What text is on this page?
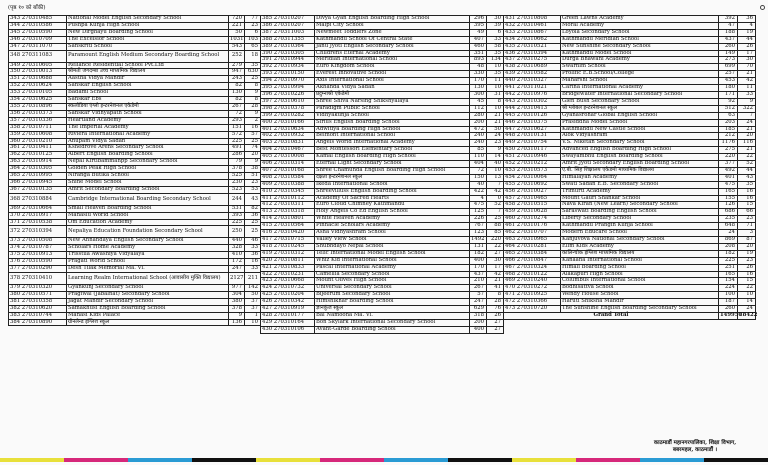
(पृष्ठ १० को बाँकी)
343 270310485	National Model English Secondary School	720	77
344 270310586	Pushpa Kunja High School	221	23
345 270310590	New Dirghayu Boarding School	50	6
346 270310709	The Excelsior School	1031	103
347 270311070	Sanskriti School	543	65
348 270311083	Paramount English Medium Secondary Boarding School	252	18
349 270310605	Reliance Residential School Pvt.Ltd	279	35
350 270310013	श्रीमती जगदम्बा उच्च माध्यमिक विद्यालय	947	630
351 270310688	Aastha Vidya Mandir	243	25
352 270310624	Sanskar English School	82	8
353 270310105	Badami School	130	9
354 270310625	Sanskar Ebs	82	8
355 270310896	स्कलोडिया एंग्लो इन्टरनेशनल एकेडेमी	267	28
356 270310373	Sanskar Vidhyapath School	72	9
357 270310336	Heartland Academy	293	2
358 270310711	The Imperial Academy	151	16
359 270310608	Riviera International Academy	572	57
360 270310210	Anupam Vidya Sadan	225	25
361 270310411	Kshedrove Arens Secondary School	491	74
362 270310125	Albert English Boarding School	286	20
363 270310914	Nepal Kirtibammanpp Secondary School	79	9
364 270310305	Golden Peak High School	378	38
365 270310995	Niranga Butika School	525	51
366 270310945	Shine Model School	230	23
367 270310135	Amrit Secondary Boarding School	523	53
368 270310884	Cambridge International Boarding Secondary School	244	43
369 270310664	Small Heaven Boarding School	531	82
370 270310917	Manaslu World School	393	36
371 270310538	Om Education Academy	225	25
372 270310394	Nepaliya Education Foundation Secondary School	250	25
373 270310508	New Annandaya English Secondary School	440	46
374 270310787	Scholars Home Academy	328	33
375 270310913	Trisstua Awashiya Vidyalaya	410	36
376 270310590	Pragati World School	172	16
377 270310290	Desh Tilak Memorial Ma. Vi.	247	33
378 270310410	Learning Realm International School (आवासीय मुक्ति विद्यालय)	2127	211
379 270310320	Gyankunj Secondary School	977	142
380 270310571	Pragiwal (Jabalnat) Secondary School	304	50
381 270310358	Jagat Mandir Secondary School	380	37
382 270310620	Samakhusi English Boarding School	378	37
383 270310744	Manasi Kids Palace	9	1
384 270310890	ग्रीनलेन्ड इंग्लिश स्कूल	136	10
385 270310207	Divya Gyan English Boarding High School	296	30
386 270310207	Malpi City School	395	39
387 270311003	Newmeet Toddlers Zone	49	6
388 270311355	Kathmandu School Of Central State	407	33
389 270310364	Janu Jyoti English Secondary School	460	58
390 270310305	Childrens Eternal Academy	351	35
391 270310944	Meridian International School	893	134
392 270310934	Euro Kingdom School	48	10
393 270310150	Everest Innovative School	330	35
394 270310970	Axis International School	170	11
395 270310994	Akhanda Vidya Sadan	130	10
396 270310226	प्रदुम्नाश्री एकेडेमी	300	31
397 270310610	Shree Shiva Narsing Shikshyalaya	45	8
398 270310378	Paradigm Public School	112	10
399 270310282	Vidhyakunja School	280	21
400 270310166	Sirius English Boarding School	200	21
401 270310634	Adwitiya Boarding High School	472	50
402 270310932	Belmont International School	240	24
403 270310831	Angels World International Academy	240	23
404 270310467	Best Montessori Elementary School	85	9
405 270310008	Kamal English Boarding High School	110	14
406 270310314	Eternal Light Secondary School	404	40
407 270310168	Shree Chamunda English Boarding High School	72	10
408 270310584	दक्षता इन्टरनेशनल स्कूल	150	13
409 270310388	Ikeda International School	40	7
410 270310345	Shreevilluss English Boarding School	422	42
411 270310112	Academy Of Sacred Hearts	4	0
412 270310311	Euro Cloud Chimney Kathmandu	475	52
413 270310318	Holy Angels Co Ed English School	125	7
414 270310801	White Heaven Academy	226	25
415 270310564	Pinnacle Scholars Academy	767	88
416 270310420	Asha Vidhyashram School	123	85
417 270310715	Valley View School	1492	220
418 270310245	Shubhdayo Nepal School	131	22
419 270310312	Telic International Model English School	182	27
420 270310811	Whiz Kid International School	400	30
421 270310833	Pascal International Academy	170	17
422 270310231	Camellia Secondary School	437	42
423 270310668	Mount Olives High School	210	21
424 270310732	Universal Secondary School	267	41
425 270310204	Bijeerum Secondary School	57	8
426 270310342	Himshikhar Boarding School	247	28
427 270310919	ज्ञानकुंज स्कूल	629	76
428 270310177	Bal Namoona Ma. Vi.	318	26
429 270310164	Bon Skylark International Secondary School	200	27
430 270310106	Avant-Garde Boarding School	400	27
431 270310808	Green Lawns Academy	392	36
432 270310461	Moral Academy	47	4
433 270310867	Loyola Secondary School	188	19
434 270310662	Kathmandu Meridian School	437	44
435 270310521	New Sunshine Secondary School	260	26
436 270310394	Kathmandu Model School	149	17
437 270310275	Durga Bhawani Academy	273	30
438 270310689	Swarnim School	699	70
439 270310582	Prolific E.B.School/College	257	21
440 270310327	Maharshi School	453	42
441 270311021	Carina International Academy	180	11
442 270310976	Bridgewater International Secondary School	171	33
443 270310302	Glen Bush Secondary School	92	9
444 270310413	श्री ग्लोबल इन्टरनेशनल स्कूल	512	322
445 270310126	Gyanasrohar Global English School	63	7
446 270310375	Prasiddha Model School	203	24
447 270310627	Kathmandu New Castle School	185	21
448 270310131	Alok Vidyashram	212	20
449 270310754	V.S. Niketan Secondary School	1176	116
450 270310117	Advanced English Boarding High School	275	21
451 270310946	Swayambhu English Boarding School	220	22
452 270310212	Amrit Jyoti Secondary English Boarding School	377	52
453 270310573	ए.बी. सिंह शिक्षालय एकेडमी माध्यमिक विद्यालय	492	44
454 270310064	Himalayan Academy	401	43
455 270310692	Swati Sadan E.B. Secondary School	475	35
456 270310027	Trimurti Academy	165	16
457 270310465	Mount Gauri Shankar School	155	16
458 270310515	Nava Kiran (New Learn) Secondary School	126	15
459 270310628	Saraswati Boarding English School	686	66
460 270310274	Liberty Secondary School	235	23
461 270310176	Kathmandu Prangin Kunja School	648	71
462 270310707	Modern Educare School	24	3
463 270310965	Kanjuvova National Secondary School	869	87
464 270310281	Elim Kids Academy	208	20
465 270310384	कालिन्चोक इंग्लिश माध्यमिक विद्यालय	182	19
466 270310847	Kanaana International School	225	23
467 270310324	Himali Boarding School	251	26
468 270310122	Alakapuri High School	165	16
469 270310240	Columbus International School	154	15
470 270310272	Bodhisattva School	224	22
471 270310925	Wendy House School	100	10
472 270310366	Haruti Shiksha Mandir	187	14
473 270310720	The Sunshine English Boarding Secondary School	260	24
Grand Total		149950	18422
काठमाडौं महानगरपालिका, शिक्षा विभाग,
बबरमहल, काठमाडौं ।
